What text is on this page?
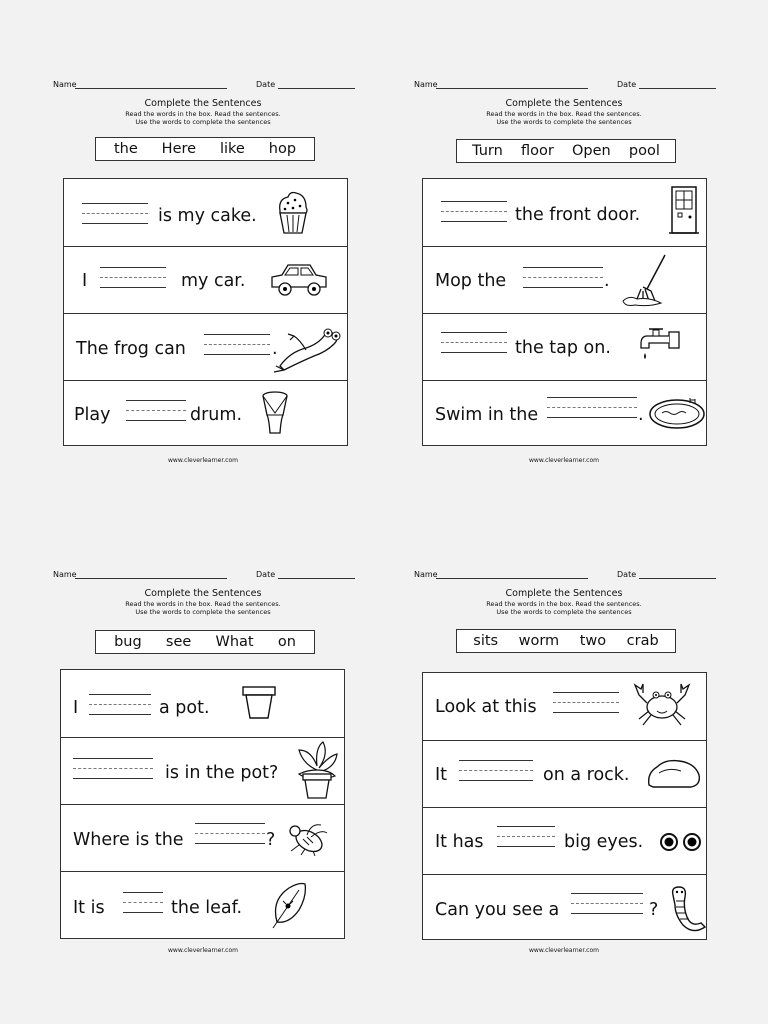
Name	Date
Complete the Sentences
Read the words in the box. Read the sentences.
Use the words to complete the sentences
the Here like hop
is my cake.
I	my car.
The frog can	.
Play	drum.
www.cleverlearner.com
Name	Date
Complete the Sentences
Read the words in the box. Read the sentences.
Use the words to complete the sentences
Turn floor Open pool
the front door.
Mop the	.
the tap on.
Swim in the	.
www.cleverlearner.com
Name	Date
Complete the Sentences
Read the words in the box. Read the sentences.
Use the words to complete the sentences
bug see What on
I	a pot.
is in the pot?
Where is the	?
It is	the leaf.
www.cleverlearner.com
Name	Date
Complete the Sentences
Read the words in the box. Read the sentences.
Use the words to complete the sentences
sits worm two crab
Look at this
It	on a rock.
It has	big eyes.
Can you see a	?
www.cleverlearner.com
